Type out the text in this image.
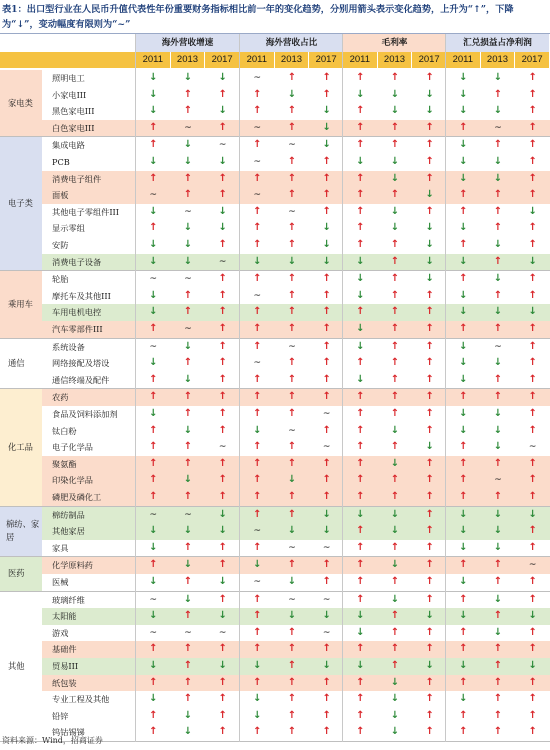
表1：出口型行业在人民币升值代表性年份重要财务指标相比前一年的变化趋势，分别用箭头表示变化趋势，上升为“↑”，下降为“↓”，变动幅度有限则为“~”
海外营收增速
2011	2013	2017
海外营收占比
2011	2013	2017
毛利率
2011	2013	2017
汇兑损益占净利润
2011	2013	2017
照明电工	↓	↓	↓	~	↑	↑	↑	↑	↑	↓	↓	↑
小家电III	↓	↑	↑	↑	↓	↑	↓	↓	↓	↓	↑	↑
黑色家电III	↓	↑	↓	↑	↑	↓	↑	↓	↓	↓	↓	↑
白色家电III	↑	~	↑	~	↑	↓	↑	↑	↑	↑	~	↑
家电类
集成电路	↑	↓	~	↑	~	↓	↑	↑	↑	↓	↑	↑
PCB	↓	↓	↓	~	↑	↑	↓	↓	↑	↓	↓	↑
消费电子组件	↑	↑	↑	↑	↑	↑	↑	↓	↑	↓	↓	↑
面板	~	↑	↑	~	↑	↑	↑	↑	↓	↑	↑	↑
其他电子零组件III	↓	~	↓	↑	~	↑	↑	↓	↑	↑	↑	↓
显示零组	↑	↓	↓	↑	↑	↓	↑	↓	↓	↓	↑	↑
安防	↓	↓	↑	↑	↑	↓	↑	↑	↓	↑	↓	↑
消费电子设备	↓	↓	~	↓	↓	↓	↓	↑	↓	↓	↑	↓
电子类
轮胎	~	~	↑	↑	↑	↑	↓	↑	↓	↑	↓	↑
摩托车及其他III	↓	↑	↑	~	↑	↑	↓	↑	↑	↓	↑	↑
车用电机电控	↓	↑	↑	↑	↑	↑	↑	↑	↑	↓	↓	↓
汽车零部件III	↑	~	↑	↑	↑	↑	↓	↑	↑	↑	↑	↑
乘用车
系统设备	~	↓	↑	↑	~	↑	↓	↑	↑	↓	~	↑
网络接配及塔设	↓	↑	↑	~	↑	↑	↑	↑	↑	↓	↓	↑
通信终端及配件	↑	↓	↑	↑	↑	↑	↓	↑	↑	↓	↑	↑
通信
农药	↑	↑	↑	↑	↑	↑	↑	↑	↑	↑	↑	↑
食品及饲料添加剂	↓	↑	↑	↑	↑	~	↑	↑	↑	↓	↓	↑
钛白粉	↑	↓	↑	↓	~	↑	↑	↓	↑	↓	↓	↑
电子化学品	↑	↑	~	↑	↑	~	↑	↑	↓	↑	↓	~
聚氨酯	↑	↑	↑	↑	↑	↑	↑	↓	↑	↑	↑	↑
印染化学品	↑	↓	↑	↑	↓	↑	↑	↑	↑	↑	~	↑
磷肥及磷化工	↑	↑	↑	↑	↑	↑	↑	↑	↑	↑	↑	↑
化工品
棉纺制品	~	~	↓	↑	↑	↓	↓	↓	↑	↓	↓	↓
其他家居	↓	↓	↓	~	↓	↓	↑	↓	↑	↓	↓	↑
家具	↓	↑	↑	↑	~	~	↑	↑	↑	↓	↓	↑
棉纺、家居
化学原料药	↑	↓	↑	↓	↑	↑	↑	↓	↑	↑	↑	~
医械	↓	↑	↓	~	↓	↑	↑	↑	↑	↓	↑	↑
医药
玻璃纤维	~	↓	↑	↑	~	~	↑	↓	↑	↑	↓	↑
太阳能	↓	↑	↓	↑	↓	↓	↓	↑	↓	↓	↑	↓
游戏	~	~	~	↑	↑	~	↓	↑	↑	↑	↓	↑
基础件	↑	↑	↑	↑	↑	↑	↑	↑	↑	↑	↑	↑
贸易III	↓	↑	↓	↓	↑	↓	↓	↑	↓	↓	↑	↓
纸包装	↑	↑	↑	↑	↑	↑	↑	↓	↑	↑	↑	↑
专业工程及其他	↓	↑	↑	↓	↑	↑	↑	↓	↑	↓	↑	↑
铅锌	↑	↓	↑	↓	↑	↑	↑	↓	↑	↑	↑	↑
钨钴锡锑	↑	↓	↑	↑	↑	↑	↑	↓	↑	↑	↑	↑
其他
资料来源：Wind，招商证券
